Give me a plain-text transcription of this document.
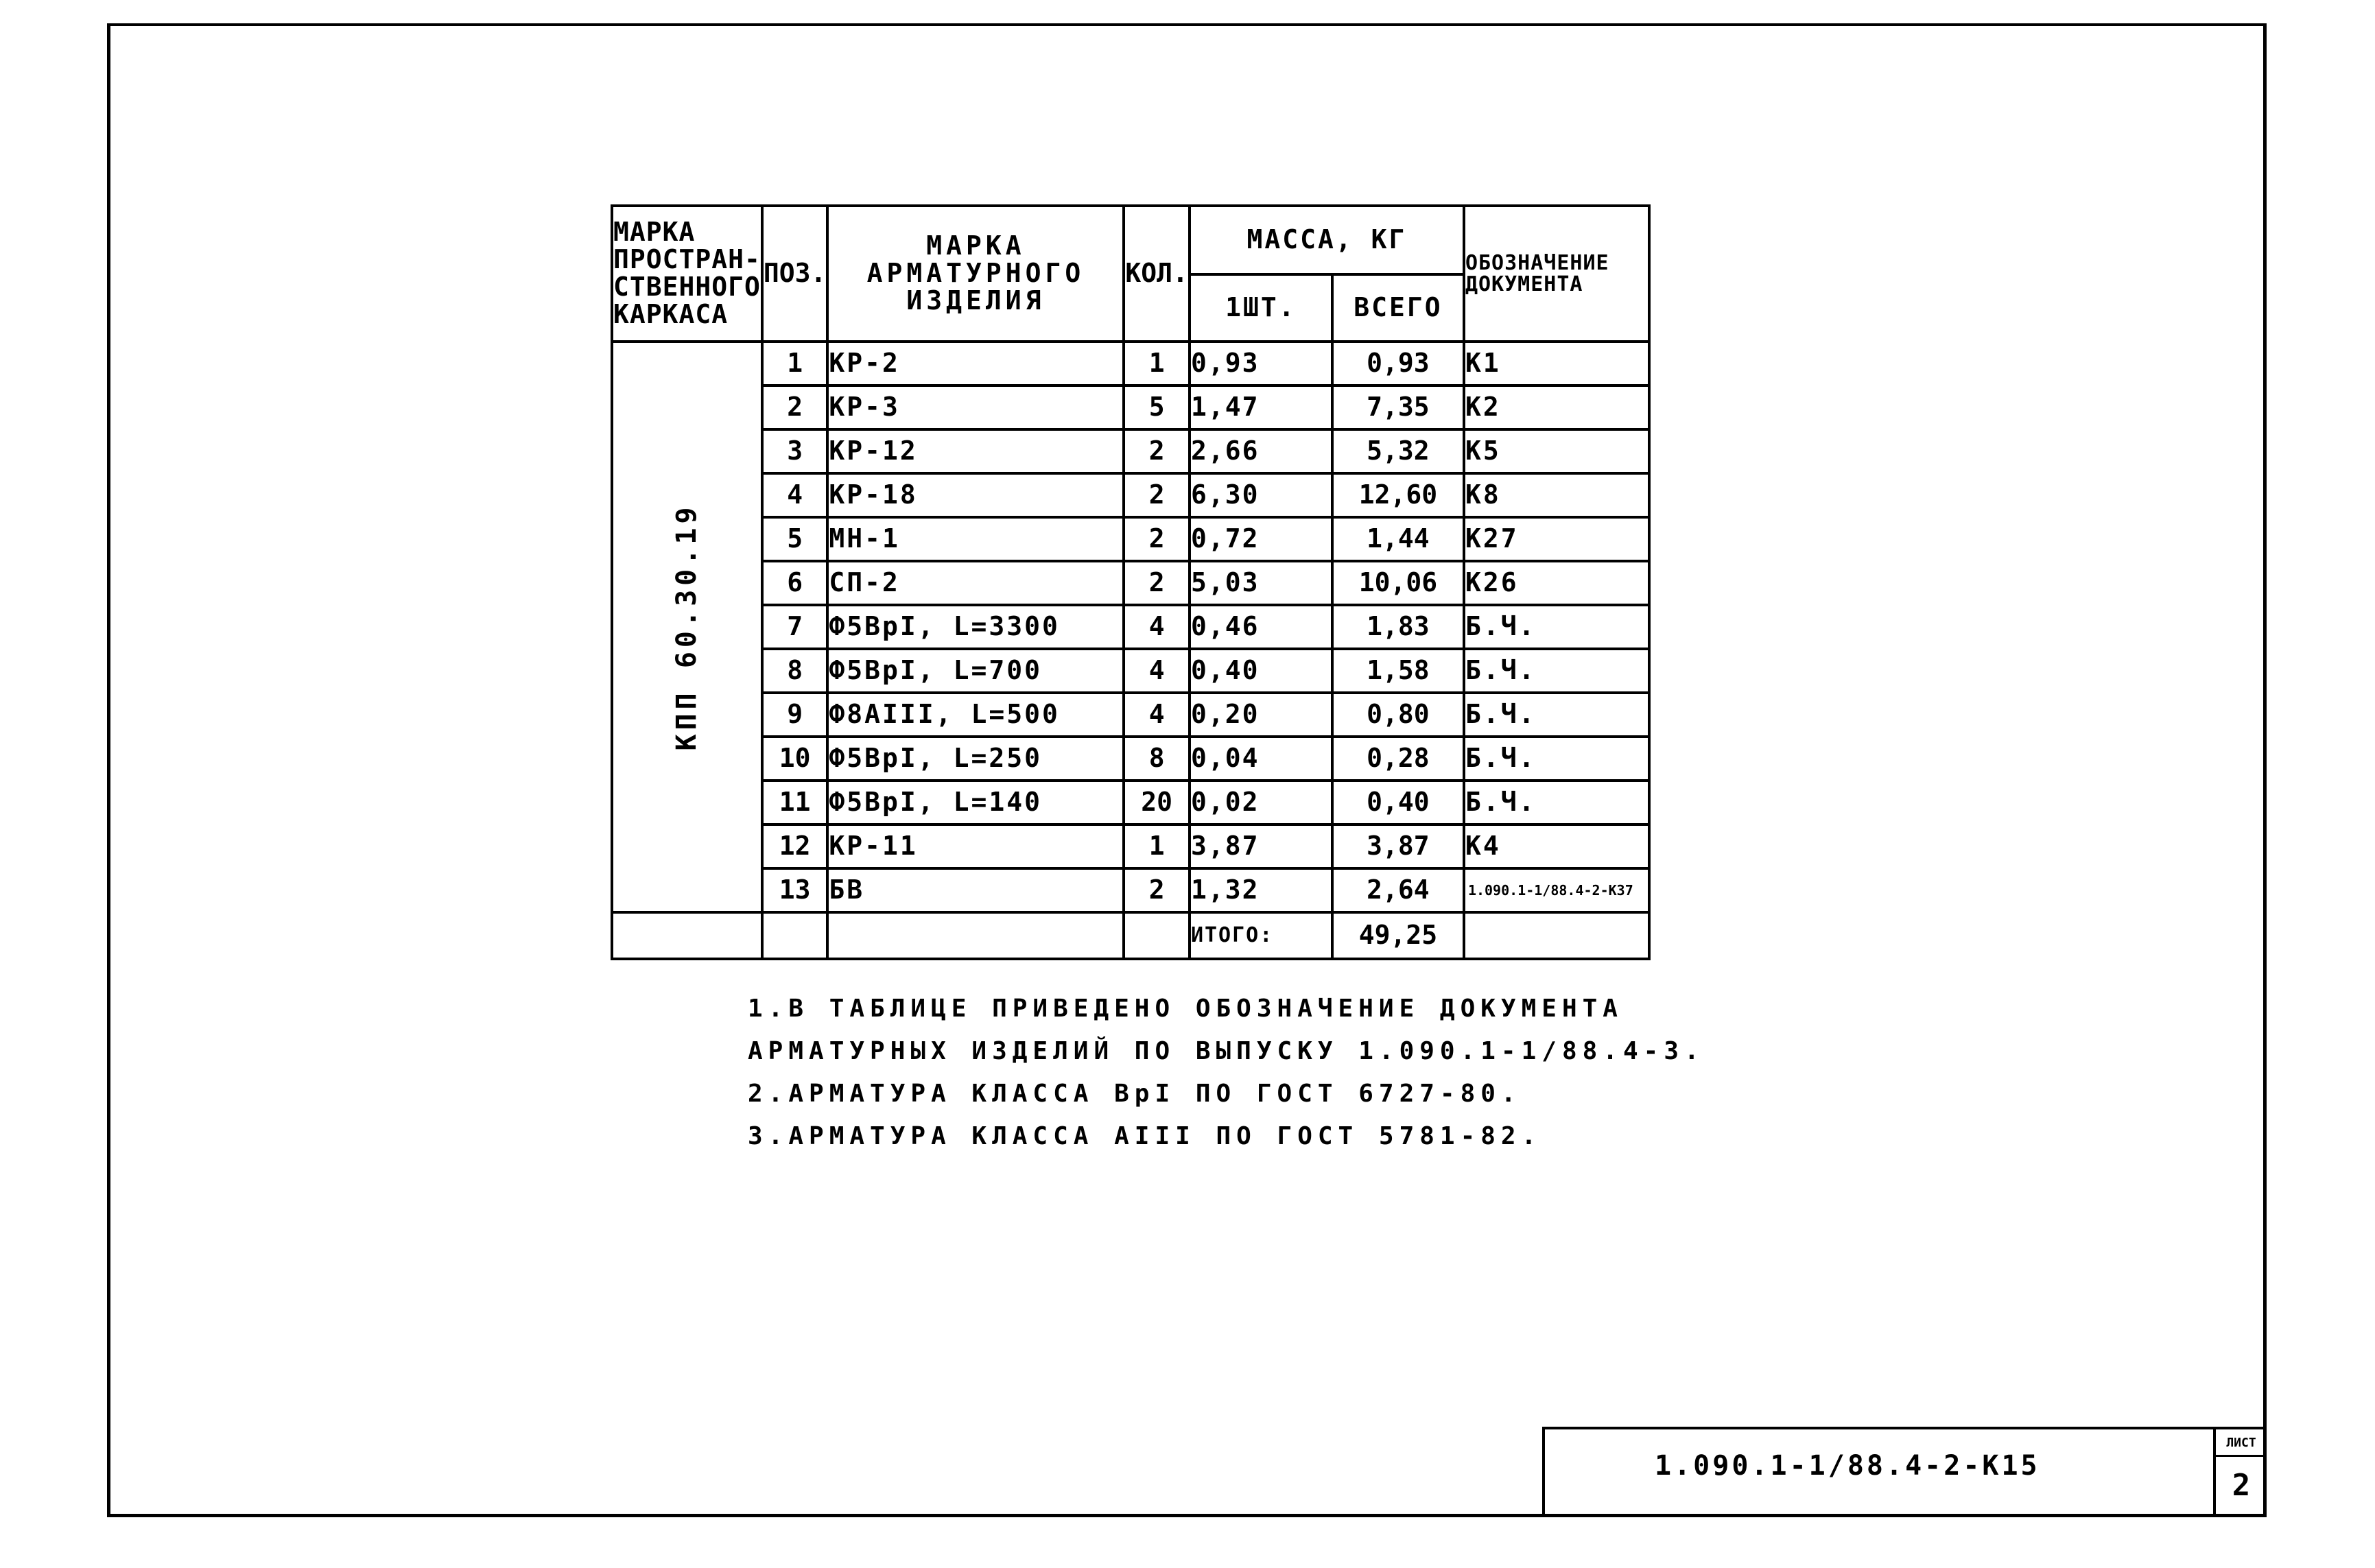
МАРКА ПРОСТРАН-СТВЕННОГО КАРКАСА	ПОЗ.	МАРКА АРМАТУРНОГО ИЗДЕЛИЯ	КОЛ.	МАССА, КГ		ОБОЗНАЧЕНИЕ ДОКУМЕНТА
				1ШТ.	ВСЕГО	

КПП 60.30.19	1	КР-2	1	0,93	0,93	К1
	2	КР-3	5	1,47	7,35	К2
	3	КР-12	2	2,66	5,32	К5
	4	КР-18	2	6,30	12,60	К8
	5	МН-1	2	0,72	1,44	К27
	6	СП-2	2	5,03	10,06	К26
	7	Ф5ВрI, L=3300	4	0,46	1,83	Б.Ч.
	8	Ф5ВрI, L=700	4	0,40	1,58	Б.Ч.
	9	Ф8АIII, L=500	4	0,20	0,80	Б.Ч.
	10	Ф5ВрI, L=250	8	0,04	0,28	Б.Ч.
	11	Ф5ВрI, L=140	20	0,02	0,40	Б.Ч.
	12	КР-11	1	3,87	3,87	К4
	13	БВ	2	1,32	2,64	1.090.1-1/88.4-2-К37
				ИТОГО:	49,25	
1.В ТАБЛИЦЕ ПРИВЕДЕНО ОБОЗНАЧЕНИЕ ДОКУМЕНТА
АРМАТУРНЫХ ИЗДЕЛИЙ ПО ВЫПУСКУ 1.090.1-1/88.4-3.
2.АРМАТУРА КЛАССА ВрI ПО ГОСТ 6727-80.
3.АРМАТУРА КЛАССА АIII ПО ГОСТ 5781-82.
1.090.1-1/88.4-2-К15
ЛИСТ
2
